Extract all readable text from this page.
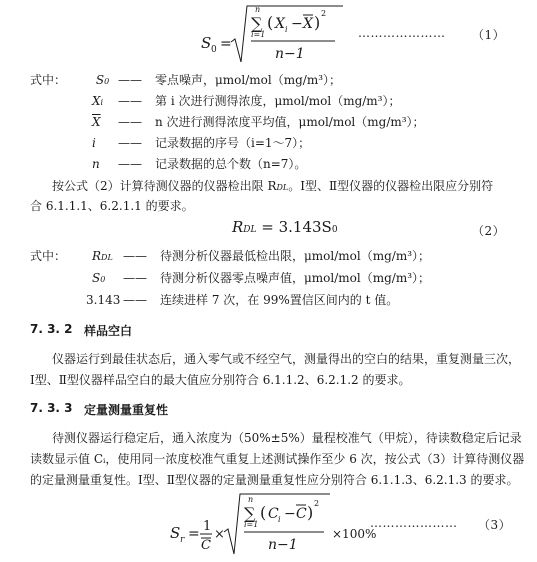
S 0 =
n
∑
i=1
( X i − X ) 2
n−1
………………… （1）
式中：	S0 —— 零点噪声，μmol/mol（mg/m³）；
Xi —— 第 i 次进行测得浓度，μmol/mol（mg/m³）；
$\overline{X}$ —— n 次进行测得浓度平均值，μmol/mol（mg/m³）；
i —— 记录数据的序号（i=1～7）；
n —— 记录数据的总个数（n=7）。
按公式（2）计算待测仪器的仪器检出限 RDL。Ⅰ型、Ⅱ型仪器的仪器检出限应分别符
合 6.1.1.1、6.2.1.1 的要求。
RDL = 3.143S0	（2）
式中： RDL —— 待测分析仪器最低检出限，μmol/mol（mg/m³）；
S0 —— 待测分析仪器零点噪声值，μmol/mol（mg/m³）；
3.143 —— 连续进样 7 次，在 99%置信区间内的 t 值。
7. 3. 2 样品空白
仪器运行到最佳状态后，通入零气或不经空气，测量得出的空白的结果，重复测量三次，
Ⅰ型、Ⅱ型仪器样品空白的最大值应分别符合 6.1.1.2、6.2.1.2 的要求。
7. 3. 3 定量测量重复性
待测仪器运行稳定后，通入浓度为（50%±5%）量程校准气（甲烷），待读数稳定后记录
读数显示值 Cᵢ，使用同一浓度校准气重复上述测试操作至少 6 次，按公式（3）计算待测仪器
的定量测量重复性。Ⅰ型、Ⅱ型仪器的定量测量重复性应分别符合 6.1.1.3、6.2.1.3 的要求。
S r = 1
C
×
n
∑
i=1
( C i − C ) 2
n−1
×100%
………………… （3）
